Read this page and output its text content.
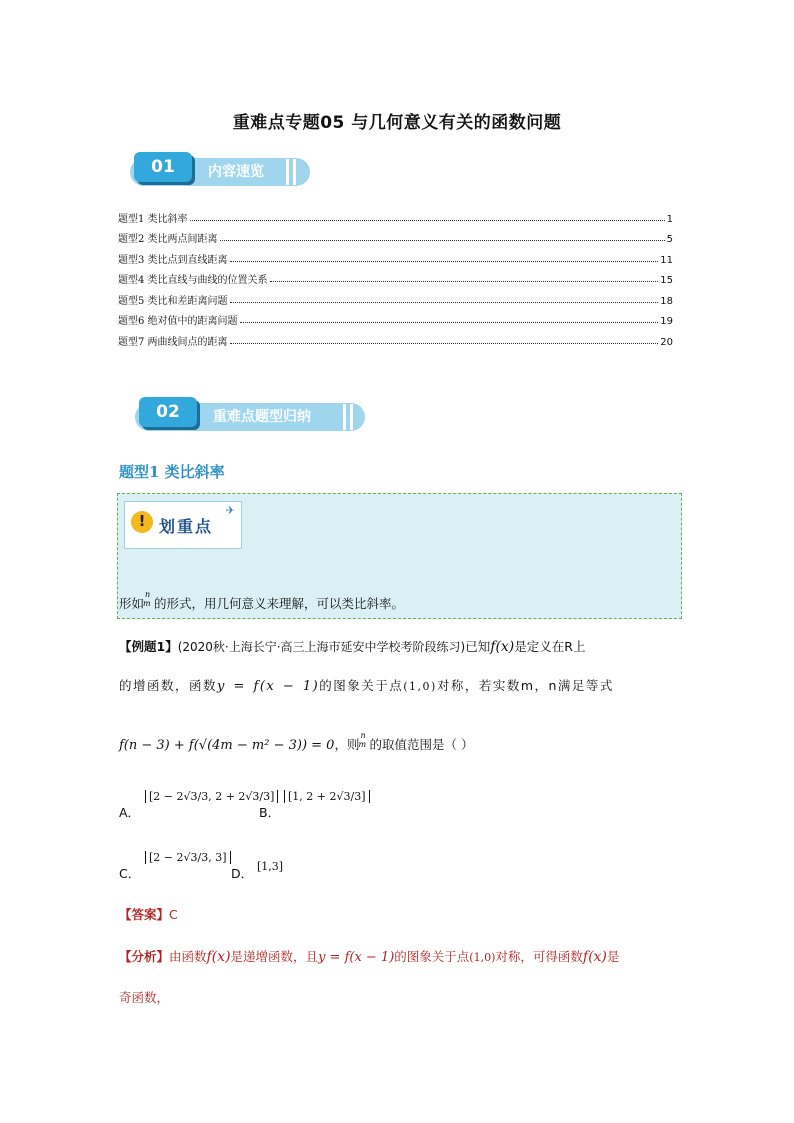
重难点专题05 与几何意义有关的函数问题
01	内容速览
题型1 类比斜率	1
题型2 类比两点间距离	5
题型3 类比点到直线距离	11
题型4 类比直线与曲线的位置关系	15
题型5 类比和差距离问题	18
题型6 绝对值中的距离问题	19
题型7 两曲线间点的距离	20
02	重难点题型归纳
题型1 类比斜率
!
划重点
✈
形如
n
m 的形式，用几何意义来理解，可以类比斜率。
【例题1】(2020秋·上海长宁·高三上海市延安中学校考阶段练习)已知f(x)是定义在R上
的增函数，函数y = f(x − 1)的图象关于点(1,0)对称，若实数m，n满足等式
f(n − 3) + f(√(4m − m² − 3)) = 0，则
n
m 的取值范围是（ ）
A．
[2 − 2√3/3, 2 + 2√3/3]
B．
[1, 2 + 2√3/3]
C．
[2 − 2√3/3, 3]
D． [1,3]
【答案】C
【分析】由函数f(x)是递增函数，且y = f(x − 1)的图象关于点(1,0)对称，可得函数f(x)是
奇函数，
